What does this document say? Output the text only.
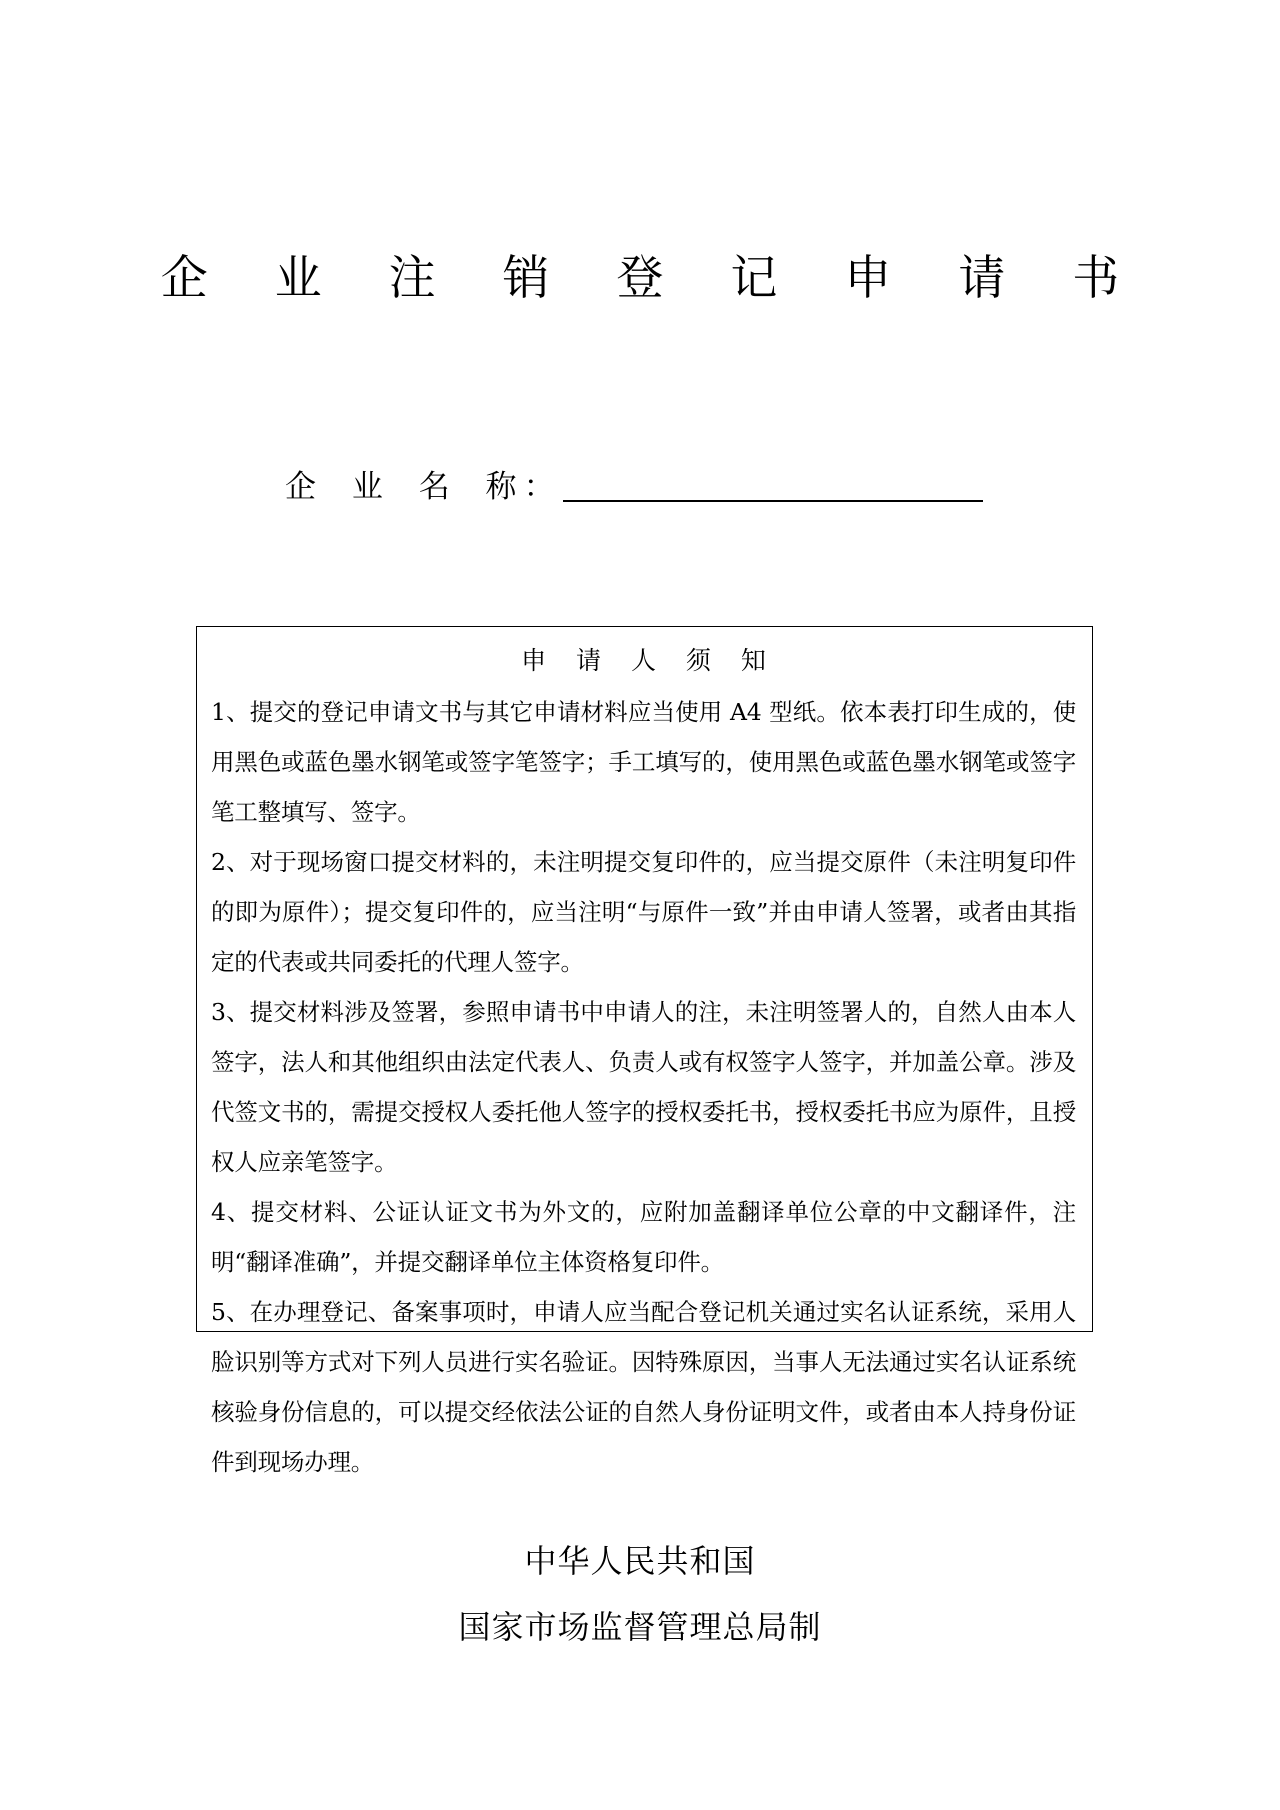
企 业 注 销 登 记 申 请 书
企 业 名 称
：
申 请 人 须 知

1、提交的登记申请文书与其它申请材料应当使用 A4 型纸。依本表打印生成的，使用黑色或蓝色墨水钢笔或签字笔签字；手工填写的，使用黑色或蓝色墨水钢笔或签字笔工整填写、签字。

2、对于现场窗口提交材料的，未注明提交复印件的，应当提交原件（未注明复印件的即为原件）；提交复印件的，应当注明“与原件一致”并由申请人签署，或者由其指定的代表或共同委托的代理人签字。

3、提交材料涉及签署，参照申请书中申请人的注，未注明签署人的，自然人由本人签字，法人和其他组织由法定代表人、负责人或有权签字人签字，并加盖公章。涉及代签文书的，需提交授权人委托他人签字的授权委托书，授权委托书应为原件，且授权人应亲笔签字。

4、提交材料、公证认证文书为外文的，应附加盖翻译单位公章的中文翻译件，注明“翻译准确”，并提交翻译单位主体资格复印件。

5、在办理登记、备案事项时，申请人应当配合登记机关通过实名认证系统，采用人脸识别等方式对下列人员进行实名验证。因特殊原因，当事人无法通过实名认证系统核验身份信息的，可以提交经依法公证的自然人身份证明文件，或者由本人持身份证件到现场办理。

中华人民共和国
国家市场监督管理总局制
